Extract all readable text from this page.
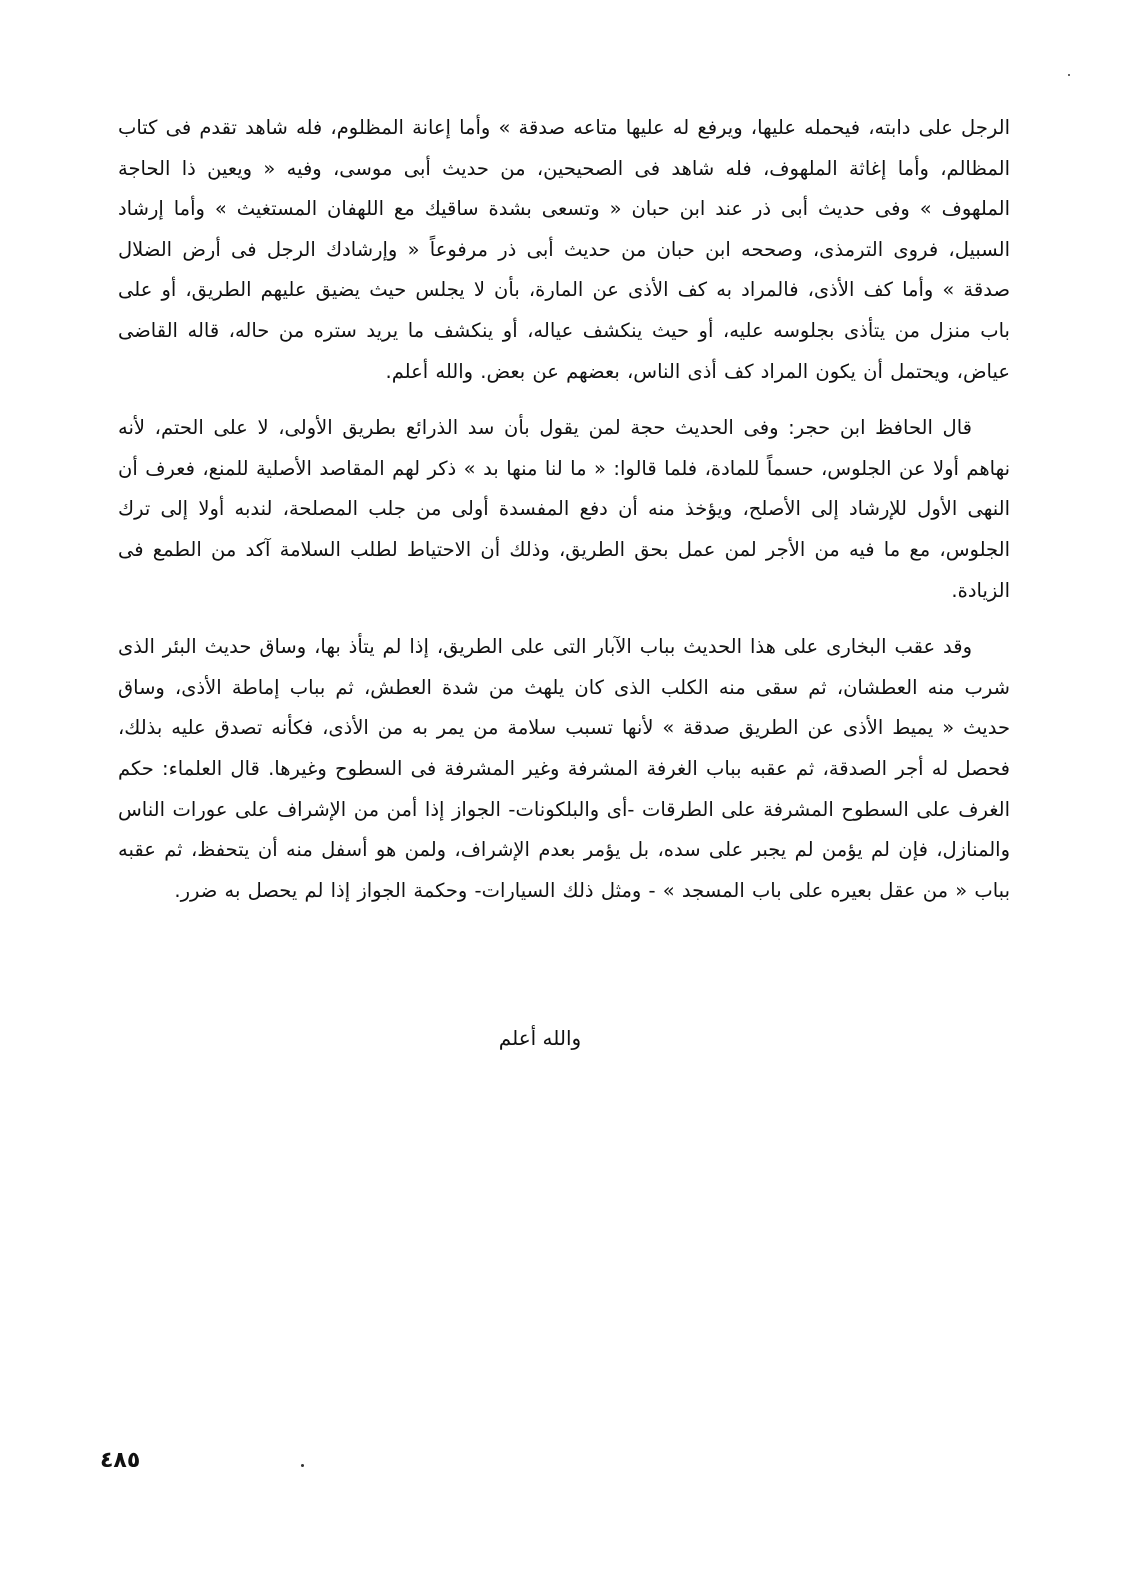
الرجل على دابته، فيحمله عليها، ويرفع له عليها متاعه صدقة » وأما إعانة المظلوم، فله شاهد تقدم فى كتاب المظالم، وأما إغاثة الملهوف، فله شاهد فى الصحيحين، من حديث أبى موسى، وفيه « ويعين ذا الحاجة الملهوف » وفى حديث أبى ذر عند ابن حبان « وتسعى بشدة ساقيك مع اللهفان المستغيث » وأما إرشاد السبيل، فروى الترمذى، وصححه ابن حبان من حديث أبى ذر مرفوعاً « وإرشادك الرجل فى أرض الضلال صدقة » وأما كف الأذى، فالمراد به كف الأذى عن المارة، بأن لا يجلس حيث يضيق عليهم الطريق، أو على باب منزل من يتأذى بجلوسه عليه، أو حيث ينكشف عياله، أو ينكشف ما يريد ستره من حاله، قاله القاضى عياض، ويحتمل أن يكون المراد كف أذى الناس، بعضهم عن بعض. والله أعلم.

قال الحافظ ابن حجر: وفى الحديث حجة لمن يقول بأن سد الذرائع بطريق الأولى، لا على الحتم، لأنه نهاهم أولا عن الجلوس، حسماً للمادة، فلما قالوا: « ما لنا منها بد » ذكر لهم المقاصد الأصلية للمنع، فعرف أن النهى الأول للإرشاد إلى الأصلح، ويؤخذ منه أن دفع المفسدة أولى من جلب المصلحة، لندبه أولا إلى ترك الجلوس، مع ما فيه من الأجر لمن عمل بحق الطريق، وذلك أن الاحتياط لطلب السلامة آكد من الطمع فى الزيادة.

وقد عقب البخارى على هذا الحديث بباب الآبار التى على الطريق، إذا لم يتأذ بها، وساق حديث البئر الذى شرب منه العطشان، ثم سقى منه الكلب الذى كان يلهث من شدة العطش، ثم بباب إماطة الأذى، وساق حديث « يميط الأذى عن الطريق صدقة » لأنها تسبب سلامة من يمر به من الأذى، فكأنه تصدق عليه بذلك، فحصل له أجر الصدقة، ثم عقبه بباب الغرفة المشرفة وغير المشرفة فى السطوح وغيرها. قال العلماء: حكم الغرف على السطوح المشرفة على الطرقات -أى والبلكونات- الجواز إذا أمن من الإشراف على عورات الناس والمنازل، فإن لم يؤمن لم يجبر على سده، بل يؤمر بعدم الإشراف، ولمن هو أسفل منه أن يتحفظ، ثم عقبه بباب « من عقل بعيره على باب المسجد » - ومثل ذلك السيارات- وحكمة الجواز إذا لم يحصل به ضرر.

والله أعلم
٤٨٥
